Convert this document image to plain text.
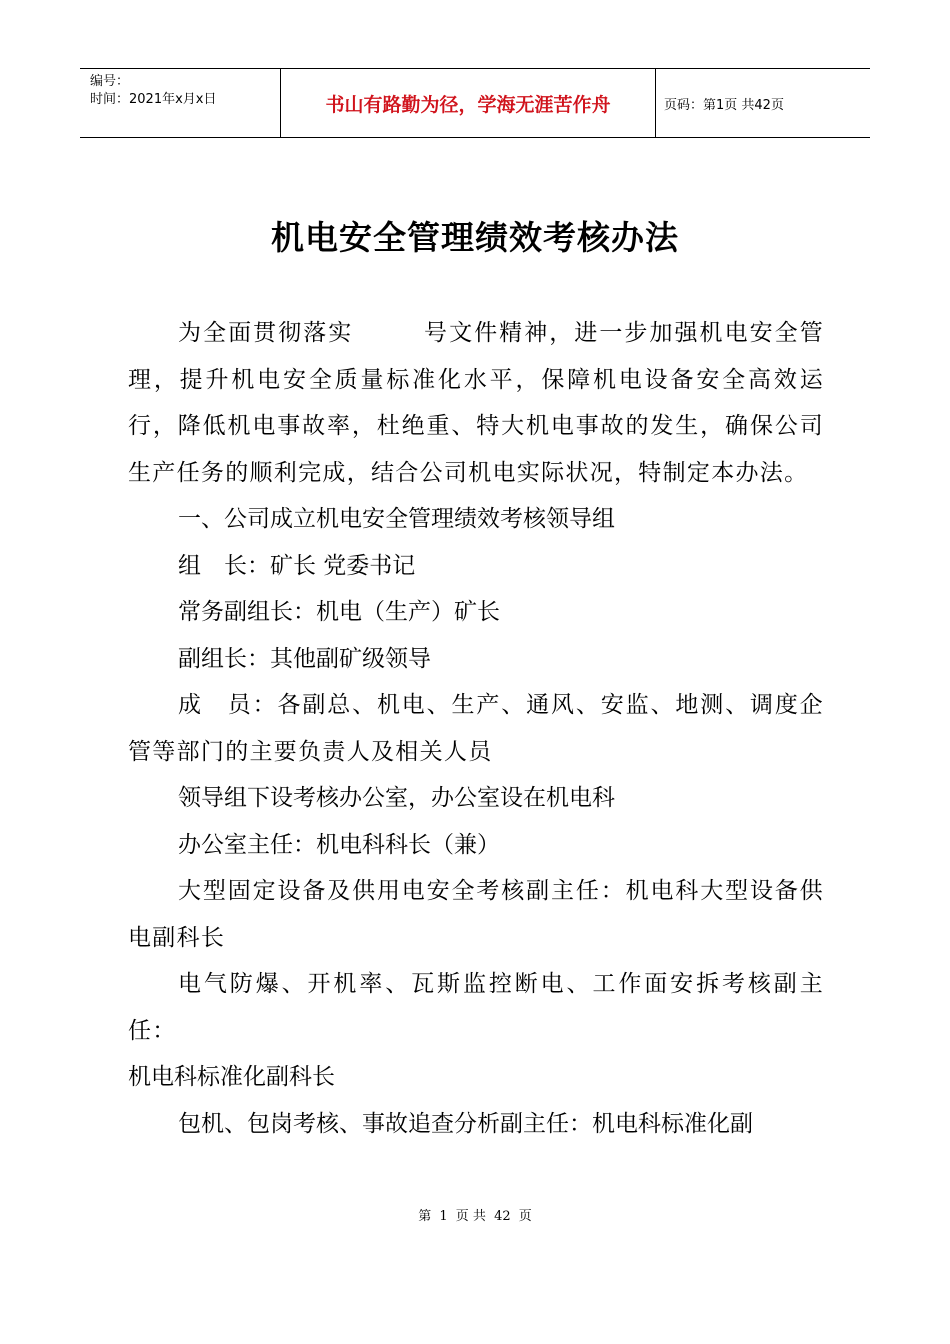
编号：
时间：2021年x月x日	书山有路勤为径，学海无涯苦作舟	页码：第1页 共42页
机电安全管理绩效考核办法

为全面贯彻落实	号文件精神，进一步加强机电安全管理，提升机电安全质量标准化水平，保障机电设备安全高效运行，降低机电事故率，杜绝重、特大机电事故的发生，确保公司生产任务的顺利完成，结合公司机电实际状况，特制定本办法。

一、公司成立机电安全管理绩效考核领导组

组　长：矿长 党委书记

常务副组长：机电（生产）矿长

副组长：其他副矿级领导

成　员：各副总、机电、生产、通风、安监、地测、调度企管等部门的主要负责人及相关人员

领导组下设考核办公室，办公室设在机电科

办公室主任：机电科科长（兼）

大型固定设备及供用电安全考核副主任：机电科大型设备供电副科长

电气防爆、开机率、瓦斯监控断电、工作面安拆考核副主任：

机电科标准化副科长

包机、包岗考核、事故追查分析副主任：机电科标准化副

第 1 页 共 42 页
